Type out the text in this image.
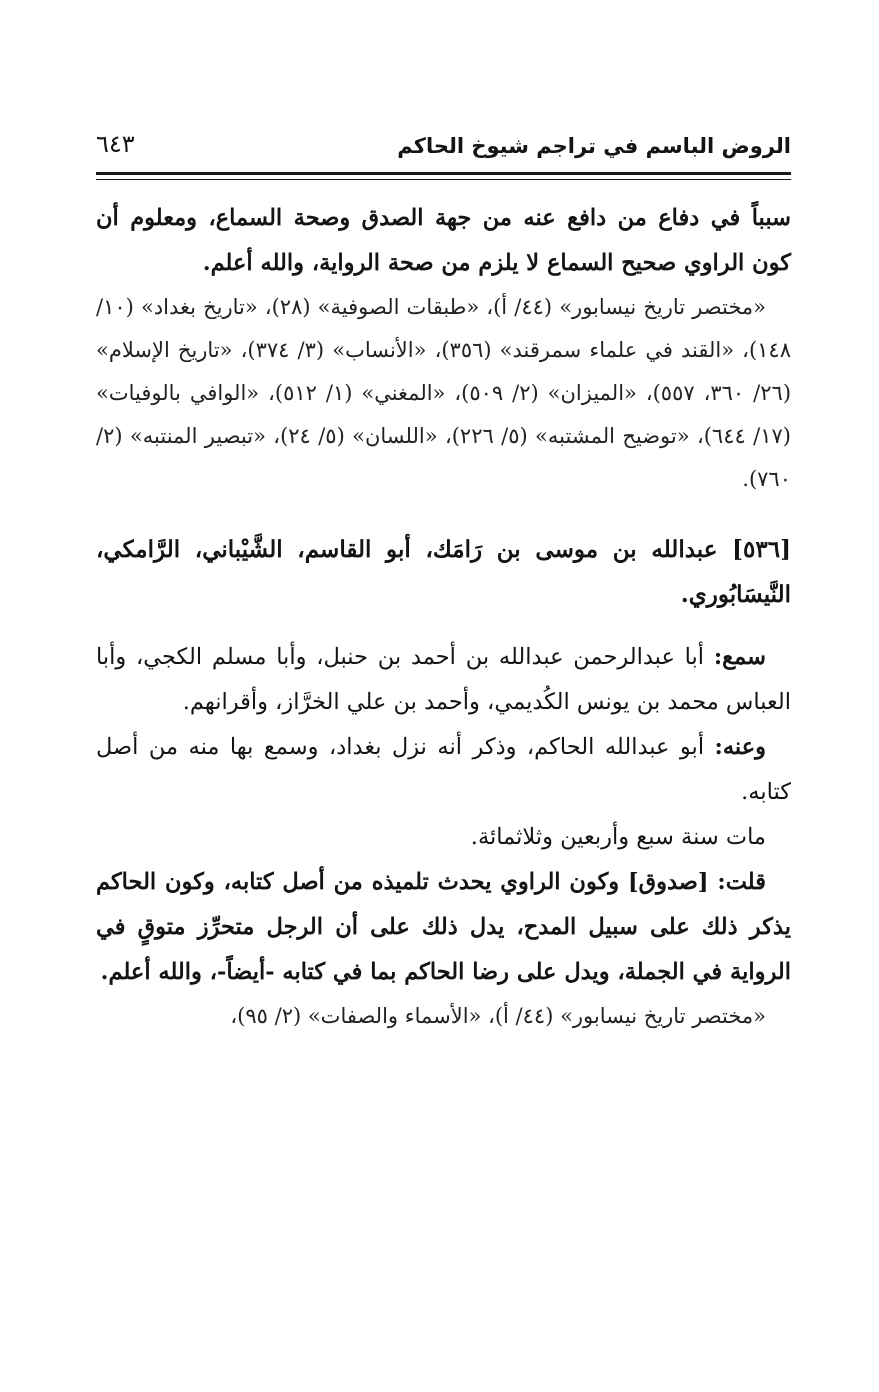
الروض الباسم في تراجم شيوخ الحاكم
٦٤٣

سبباً في دفاع من دافع عنه من جهة الصدق وصحة السماع، ومعلوم أن كون الراوي صحيح السماع لا يلزم من صحة الرواية، والله أعلم.

«مختصر تاريخ نيسابور» (٤٤/ أ)، «طبقات الصوفية» (٢٨)، «تاريخ بغداد» (١٠/ ١٤٨)، «القند في علماء سمرقند» (٣٥٦)، «الأنساب» (٣/ ٣٧٤)، «تاريخ الإسلام» (٢٦/ ٣٦٠، ٥٥٧)، «الميزان» (٢/ ٥٠٩)، «المغني» (١/ ٥١٢)، «الوافي بالوفيات» (١٧/ ٦٤٤)، «توضيح المشتبه» (٥/ ٢٢٦)، «اللسان» (٥/ ٢٤)، «تبصير المنتبه» (٢/ ٧٦٠).

[٥٣٦] عبدالله بن موسى بن رَامَك، أبو القاسم، الشَّيْباني، الرَّامكي، النَّيسَابُوري.

سمع: أبا عبدالرحمن عبدالله بن أحمد بن حنبل، وأبا مسلم الكجي، وأبا العباس محمد بن يونس الكُديمي، وأحمد بن علي الخرَّاز، وأقرانهم.

وعنه: أبو عبدالله الحاكم، وذكر أنه نزل بغداد، وسمع بها منه من أصل كتابه.

مات سنة سبع وأربعين وثلاثمائة.

قلت: [صدوق] وكون الراوي يحدث تلميذه من أصل كتابه، وكون الحاكم يذكر ذلك على سبيل المدح، يدل ذلك على أن الرجل متحرِّز متوقٍ في الرواية في الجملة، ويدل على رضا الحاكم بما في كتابه -أيضاً-، والله أعلم.

«مختصر تاريخ نيسابور» (٤٤/ أ)، «الأسماء والصفات» (٢/ ٩٥)،
